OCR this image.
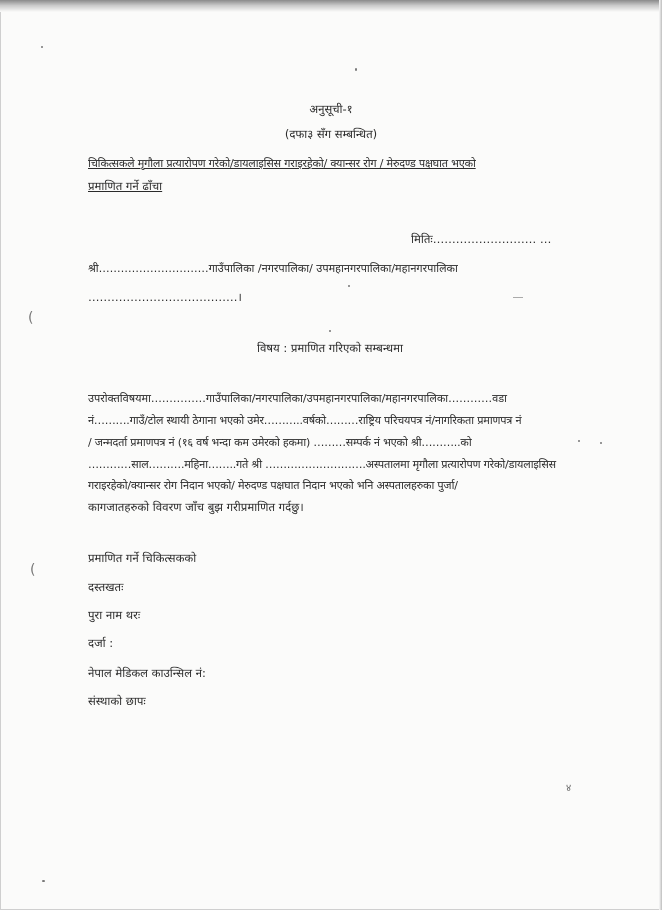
अनुसूची-१
(दफा३ सँग सम्बन्धित)
चिकित्सकले मृगौला प्रत्यारोपण गरेको/डायलाइसिस गराइरहेको/ क्यान्सर रोग / मेरुदण्ड पक्षघात भएको
प्रमाणित गर्ने ढाँचा
मितिः……………………… …
श्री…………………………गाउँपालिका /नगरपालिका/ उपमहानगरपालिका/महानगरपालिका
…………………………………।
विषय : प्रमाणित गरिएको सम्बन्धमा
उपरोक्तविषयमा……………गाउँपालिका/नगरपालिका/उपमहानगरपालिका/महानगरपालिका…………वडा
नं……….गाउँ/टोल स्थायी ठेगाना भएको उमेर………..वर्षको………राष्ट्रिय परिचयपत्र नं/नागरिकता प्रमाणपत्र नं
/ जन्मदर्ता प्रमाणपत्र नं (१६ वर्ष भन्दा कम उमेरको हकमा) ………सम्पर्क नं भएको श्री………..को
…………साल……….महिना……..गते श्री ……………………….अस्पतालमा मृगौला प्रत्यारोपण गरेको/डायलाइसिस
गराइरहेको/क्यान्सर रोग निदान भएको/ मेरुदण्ड पक्षघात निदान भएको भनि अस्पतालहरुका पुर्जा/
कागजातहरुको विवरण जाँच बुझ गरीप्रमाणित गर्दछु।
प्रमाणित गर्ने चिकित्सकको
दस्तखतः
पुरा नाम थरः
दर्जा :
नेपाल मेडिकल काउन्सिल नं:
संस्थाको छापः
४
(
(
